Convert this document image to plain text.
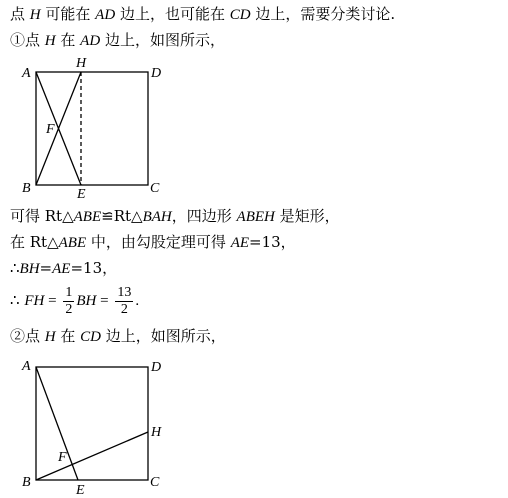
点 H 可能在 AD 边上，也可能在 CD 边上，需要分类讨论.
①点 H 在 AD 边上，如图所示，
A
H
D
F
B	E	C
可得 Rt△ABE≌Rt△BAH，四边形 ABEH 是矩形，
在 Rt△ABE 中，由勾股定理可得 AE=13，
∴BH=AE=13，
∴ FH = $\frac{1}{2}$ BH = $\frac{13}{2}$ .
②点 H 在 CD 边上，如图所示，
A	D
H
F
B
E
C
